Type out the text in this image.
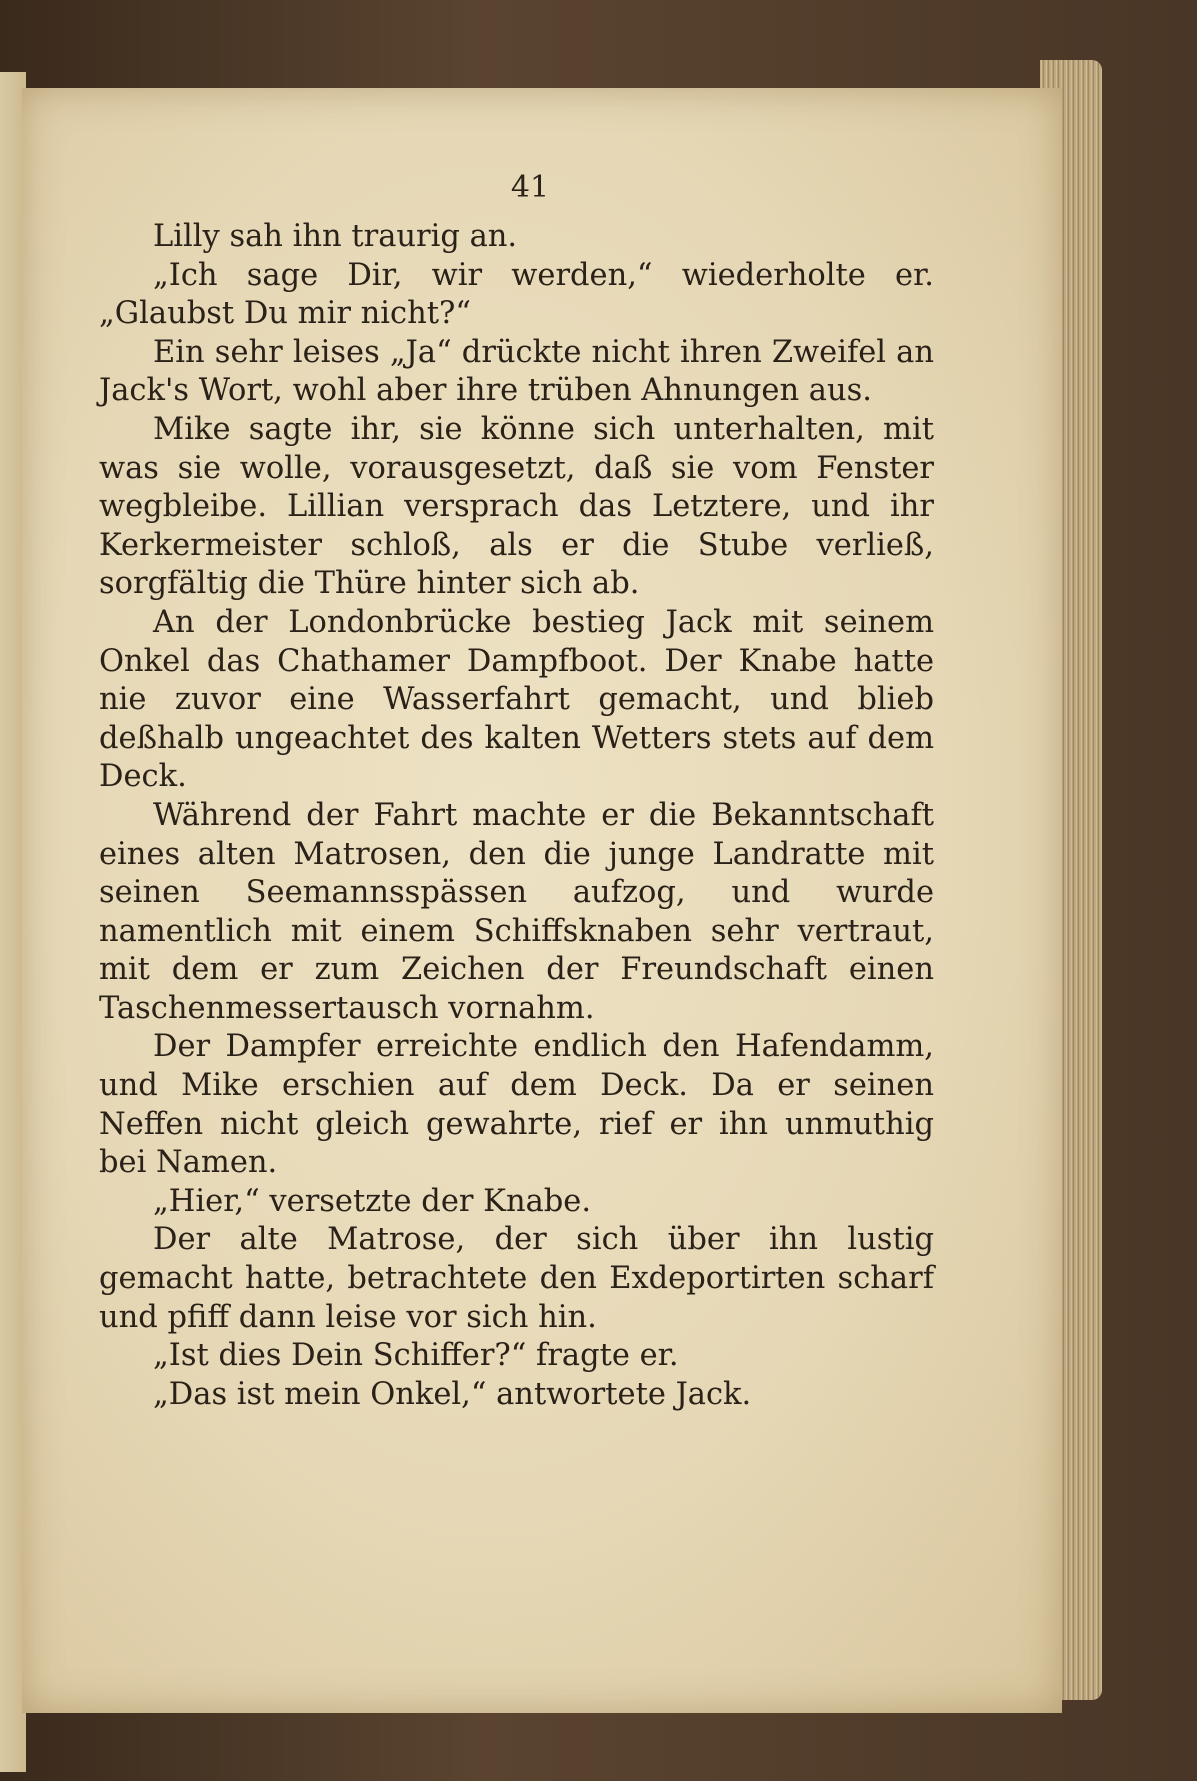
41

Lilly sah ihn traurig an.

„Ich sage Dir, wir werden,“ wiederholte er. „Glaubst Du mir nicht?“

Ein sehr leises „Ja“ drückte nicht ihren Zweifel an Jack's Wort, wohl aber ihre trüben Ahnungen aus.

Mike sagte ihr, sie könne sich unterhalten, mit was sie wolle, vorausgesetzt, daß sie vom Fenster wegbleibe. Lillian versprach das Letztere, und ihr Kerkermeister schloß, als er die Stube verließ, sorgfältig die Thüre hinter sich ab.

An der Londonbrücke bestieg Jack mit seinem Onkel das Chathamer Dampfboot. Der Knabe hatte nie zuvor eine Wasserfahrt gemacht, und blieb deßhalb ungeachtet des kalten Wetters stets auf dem Deck.

Während der Fahrt machte er die Bekanntschaft eines alten Matrosen, den die junge Landratte mit seinen Seemannsspässen aufzog, und wurde namentlich mit einem Schiffsknaben sehr vertraut, mit dem er zum Zeichen der Freundschaft einen Taschenmessertausch vornahm.

Der Dampfer erreichte endlich den Hafendamm, und Mike erschien auf dem Deck. Da er seinen Neffen nicht gleich gewahrte, rief er ihn unmuthig bei Namen.

„Hier,“ versetzte der Knabe.

Der alte Matrose, der sich über ihn lustig gemacht hatte, betrachtete den Exdeportirten scharf und pfiff dann leise vor sich hin.

„Ist dies Dein Schiffer?“ fragte er.

„Das ist mein Onkel,“ antwortete Jack.
